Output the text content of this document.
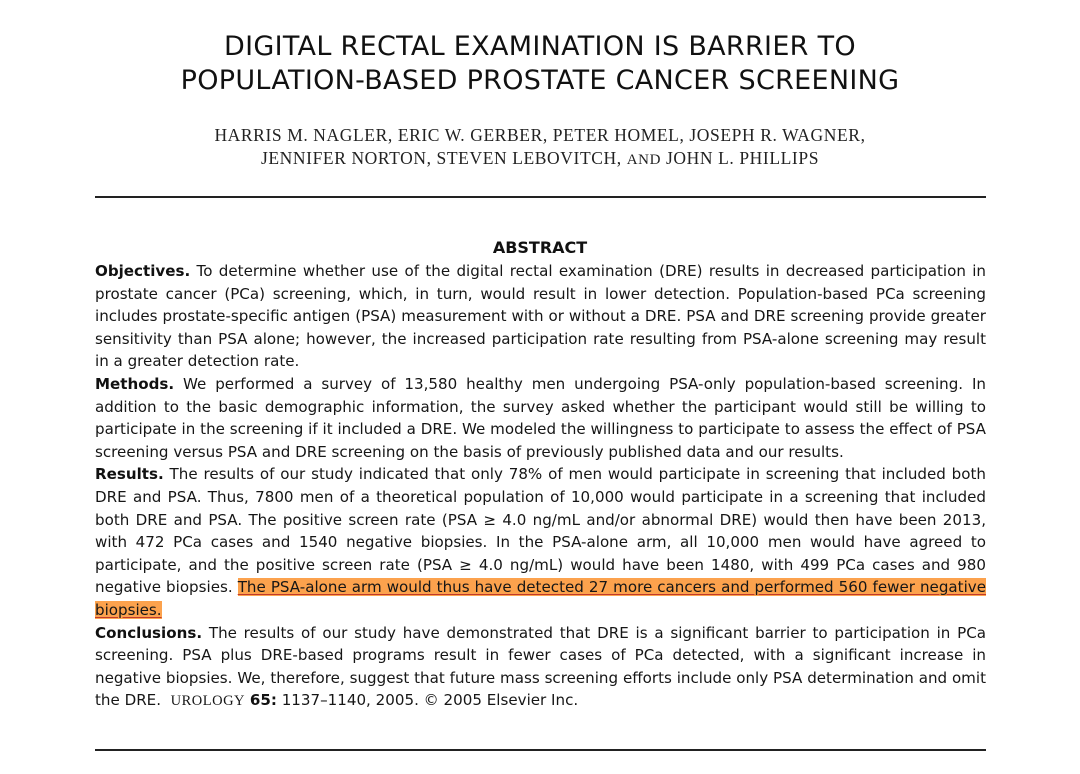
DIGITAL RECTAL EXAMINATION IS BARRIER TO
POPULATION-BASED PROSTATE CANCER SCREENING
HARRIS M. NAGLER, ERIC W. GERBER, PETER HOMEL, JOSEPH R. WAGNER,
JENNIFER NORTON, STEVEN LEBOVITCH, AND JOHN L. PHILLIPS
ABSTRACT

Objectives. To determine whether use of the digital rectal examination (DRE) results in decreased participation in prostate cancer (PCa) screening, which, in turn, would result in lower detection. Population-based PCa screening includes prostate-specific antigen (PSA) measurement with or without a DRE. PSA and DRE screening provide greater sensitivity than PSA alone; however, the increased participation rate resulting from PSA-alone screening may result in a greater detection rate.

Methods. We performed a survey of 13,580 healthy men undergoing PSA-only population-based screening. In addition to the basic demographic information, the survey asked whether the participant would still be willing to participate in the screening if it included a DRE. We modeled the willingness to participate to assess the effect of PSA screening versus PSA and DRE screening on the basis of previously published data and our results.

Results. The results of our study indicated that only 78% of men would participate in screening that included both DRE and PSA. Thus, 7800 men of a theoretical population of 10,000 would participate in a screening that included both DRE and PSA. The positive screen rate (PSA ≥ 4.0 ng/mL and/or abnormal DRE) would then have been 2013, with 472 PCa cases and 1540 negative biopsies. In the PSA-alone arm, all 10,000 men would have agreed to participate, and the positive screen rate (PSA ≥ 4.0 ng/mL) would have been 1480, with 499 PCa cases and 980 negative biopsies. The PSA-alone arm would thus have detected 27 more cancers and performed 560 fewer negative biopsies.

Conclusions. The results of our study have demonstrated that DRE is a significant barrier to participation in PCa screening. PSA plus DRE-based programs result in fewer cases of PCa detected, with a significant increase in negative biopsies. We, therefore, suggest that future mass screening efforts include only PSA determination and omit the DRE. UROLOGY 65: 1137–1140, 2005. © 2005 Elsevier Inc.
